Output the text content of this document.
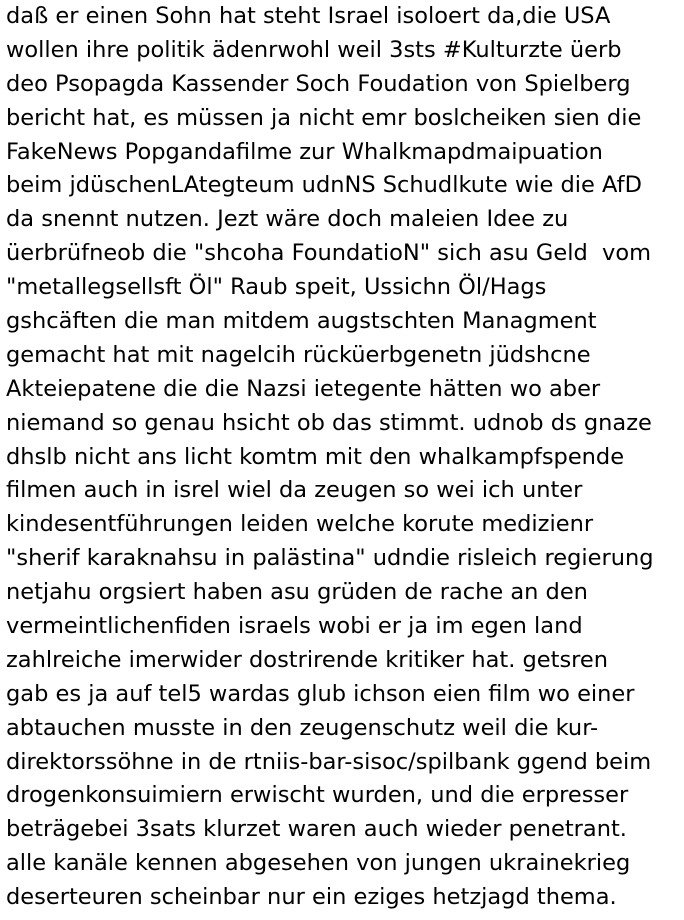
daß er einen Sohn hat steht Israel isoloert da,die USA
wollen ihre politik ädenrwohl weil 3sts #Kulturzte üerb
deo Psopagda Kassender Soch Foudation von Spielberg
bericht hat, es müssen ja nicht emr boslcheiken sien die
FakeNews Popgandafilme zur Whalkmapdmaipuation
beim jdüschenLAtegteum udnNS Schudlkute wie die AfD
da snennt nutzen. Jezt wäre doch maleien Idee zu
üerbrüfneob die "shcoha FoundatioN" sich asu Geld  vom
"metallegsellsft Öl" Raub speit, Ussichn Öl/Hags
gshcäften die man mitdem augstschten Managment
gemacht hat mit nagelcih rücküerbgenetn jüdshcne
Akteiepatene die die Nazsi ietegente hätten wo aber
niemand so genau hsicht ob das stimmt. udnob ds gnaze
dhslb nicht ans licht komtm mit den whalkampfspende
filmen auch in isrel wiel da zeugen so wei ich unter
kindesentführungen leiden welche korute medizienr
"sherif karaknahsu in palästina" udndie risleich regierung
netjahu orgsiert haben asu grüden de rache an den
vermeintlichenfiden israels wobi er ja im egen land
zahlreiche imerwider dostrirende kritiker hat. getsren
gab es ja auf tel5 wardas glub ichson eien film wo einer
abtauchen musste in den zeugenschutz weil die kur-
direktorssöhne in de rtniis-bar-sisoc/spilbank ggend beim
drogenkonsuimiern erwischt wurden, und die erpresser
beträgebei 3sats klurzet waren auch wieder penetrant.
alle kanäle kennen abgesehen von jungen ukrainekrieg
deserteuren scheinbar nur ein eziges hetzjagd thema.
